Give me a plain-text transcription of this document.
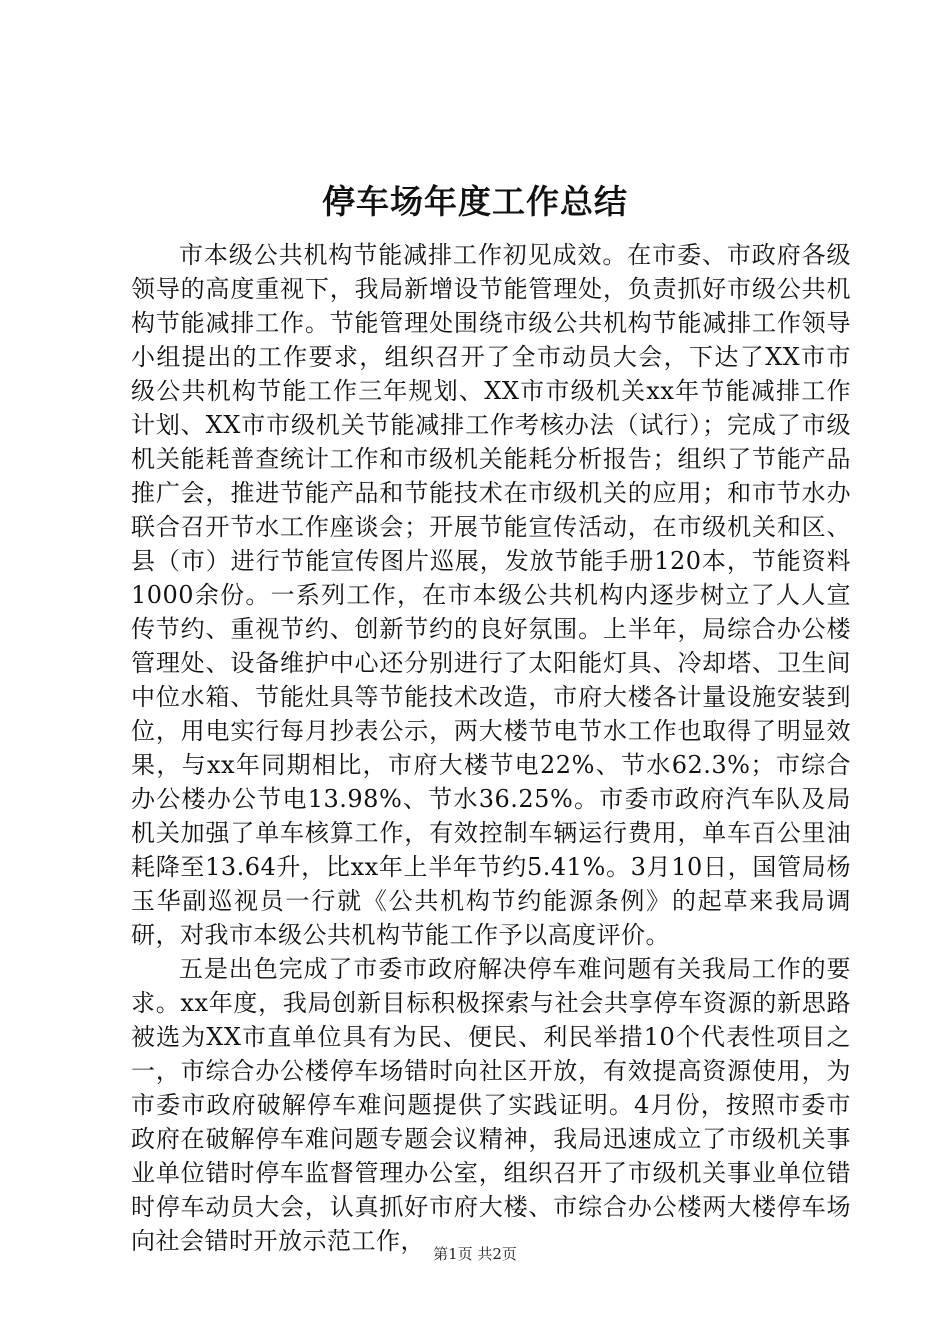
停车场年度工作总结

市本级公共机构节能减排工作初见成效。在市委、市政府各级领导的高度重视下，我局新增设节能管理处，负责抓好市级公共机构节能减排工作。节能管理处围绕市级公共机构节能减排工作领导小组提出的工作要求，组织召开了全市动员大会，下达了XX市市级公共机构节能工作三年规划、XX市市级机关xx年节能减排工作计划、XX市市级机关节能减排工作考核办法（试行）；完成了市级机关能耗普查统计工作和市级机关能耗分析报告；组织了节能产品推广会，推进节能产品和节能技术在市级机关的应用；和市节水办联合召开节水工作座谈会；开展节能宣传活动，在市级机关和区、县（市）进行节能宣传图片巡展，发放节能手册120本，节能资料1000余份。一系列工作，在市本级公共机构内逐步树立了人人宣传节约、重视节约、创新节约的良好氛围。上半年，局综合办公楼管理处、设备维护中心还分别进行了太阳能灯具、冷却塔、卫生间中位水箱、节能灶具等节能技术改造，市府大楼各计量设施安装到位，用电实行每月抄表公示，两大楼节电节水工作也取得了明显效果，与xx年同期相比，市府大楼节电22%、节水62.3%；市综合办公楼办公节电13.98%、节水36.25%。市委市政府汽车队及局机关加强了单车核算工作，有效控制车辆运行费用，单车百公里油耗降至13.64升，比xx年上半年节约5.41%。3月10日，国管局杨玉华副巡视员一行就《公共机构节约能源条例》的起草来我局调研，对我市本级公共机构节能工作予以高度评价。

五是出色完成了市委市政府解决停车难问题有关我局工作的要求。xx年度，我局创新目标积极探索与社会共享停车资源的新思路被选为XX市直单位具有为民、便民、利民举措10个代表性项目之一，市综合办公楼停车场错时向社区开放，有效提高资源使用，为市委市政府破解停车难问题提供了实践证明。4月份，按照市委市政府在破解停车难问题专题会议精神，我局迅速成立了市级机关事业单位错时停车监督管理办公室，组织召开了市级机关事业单位错时停车动员大会，认真抓好市府大楼、市综合办公楼两大楼停车场向社会错时开放示范工作， 第1页 共2页
